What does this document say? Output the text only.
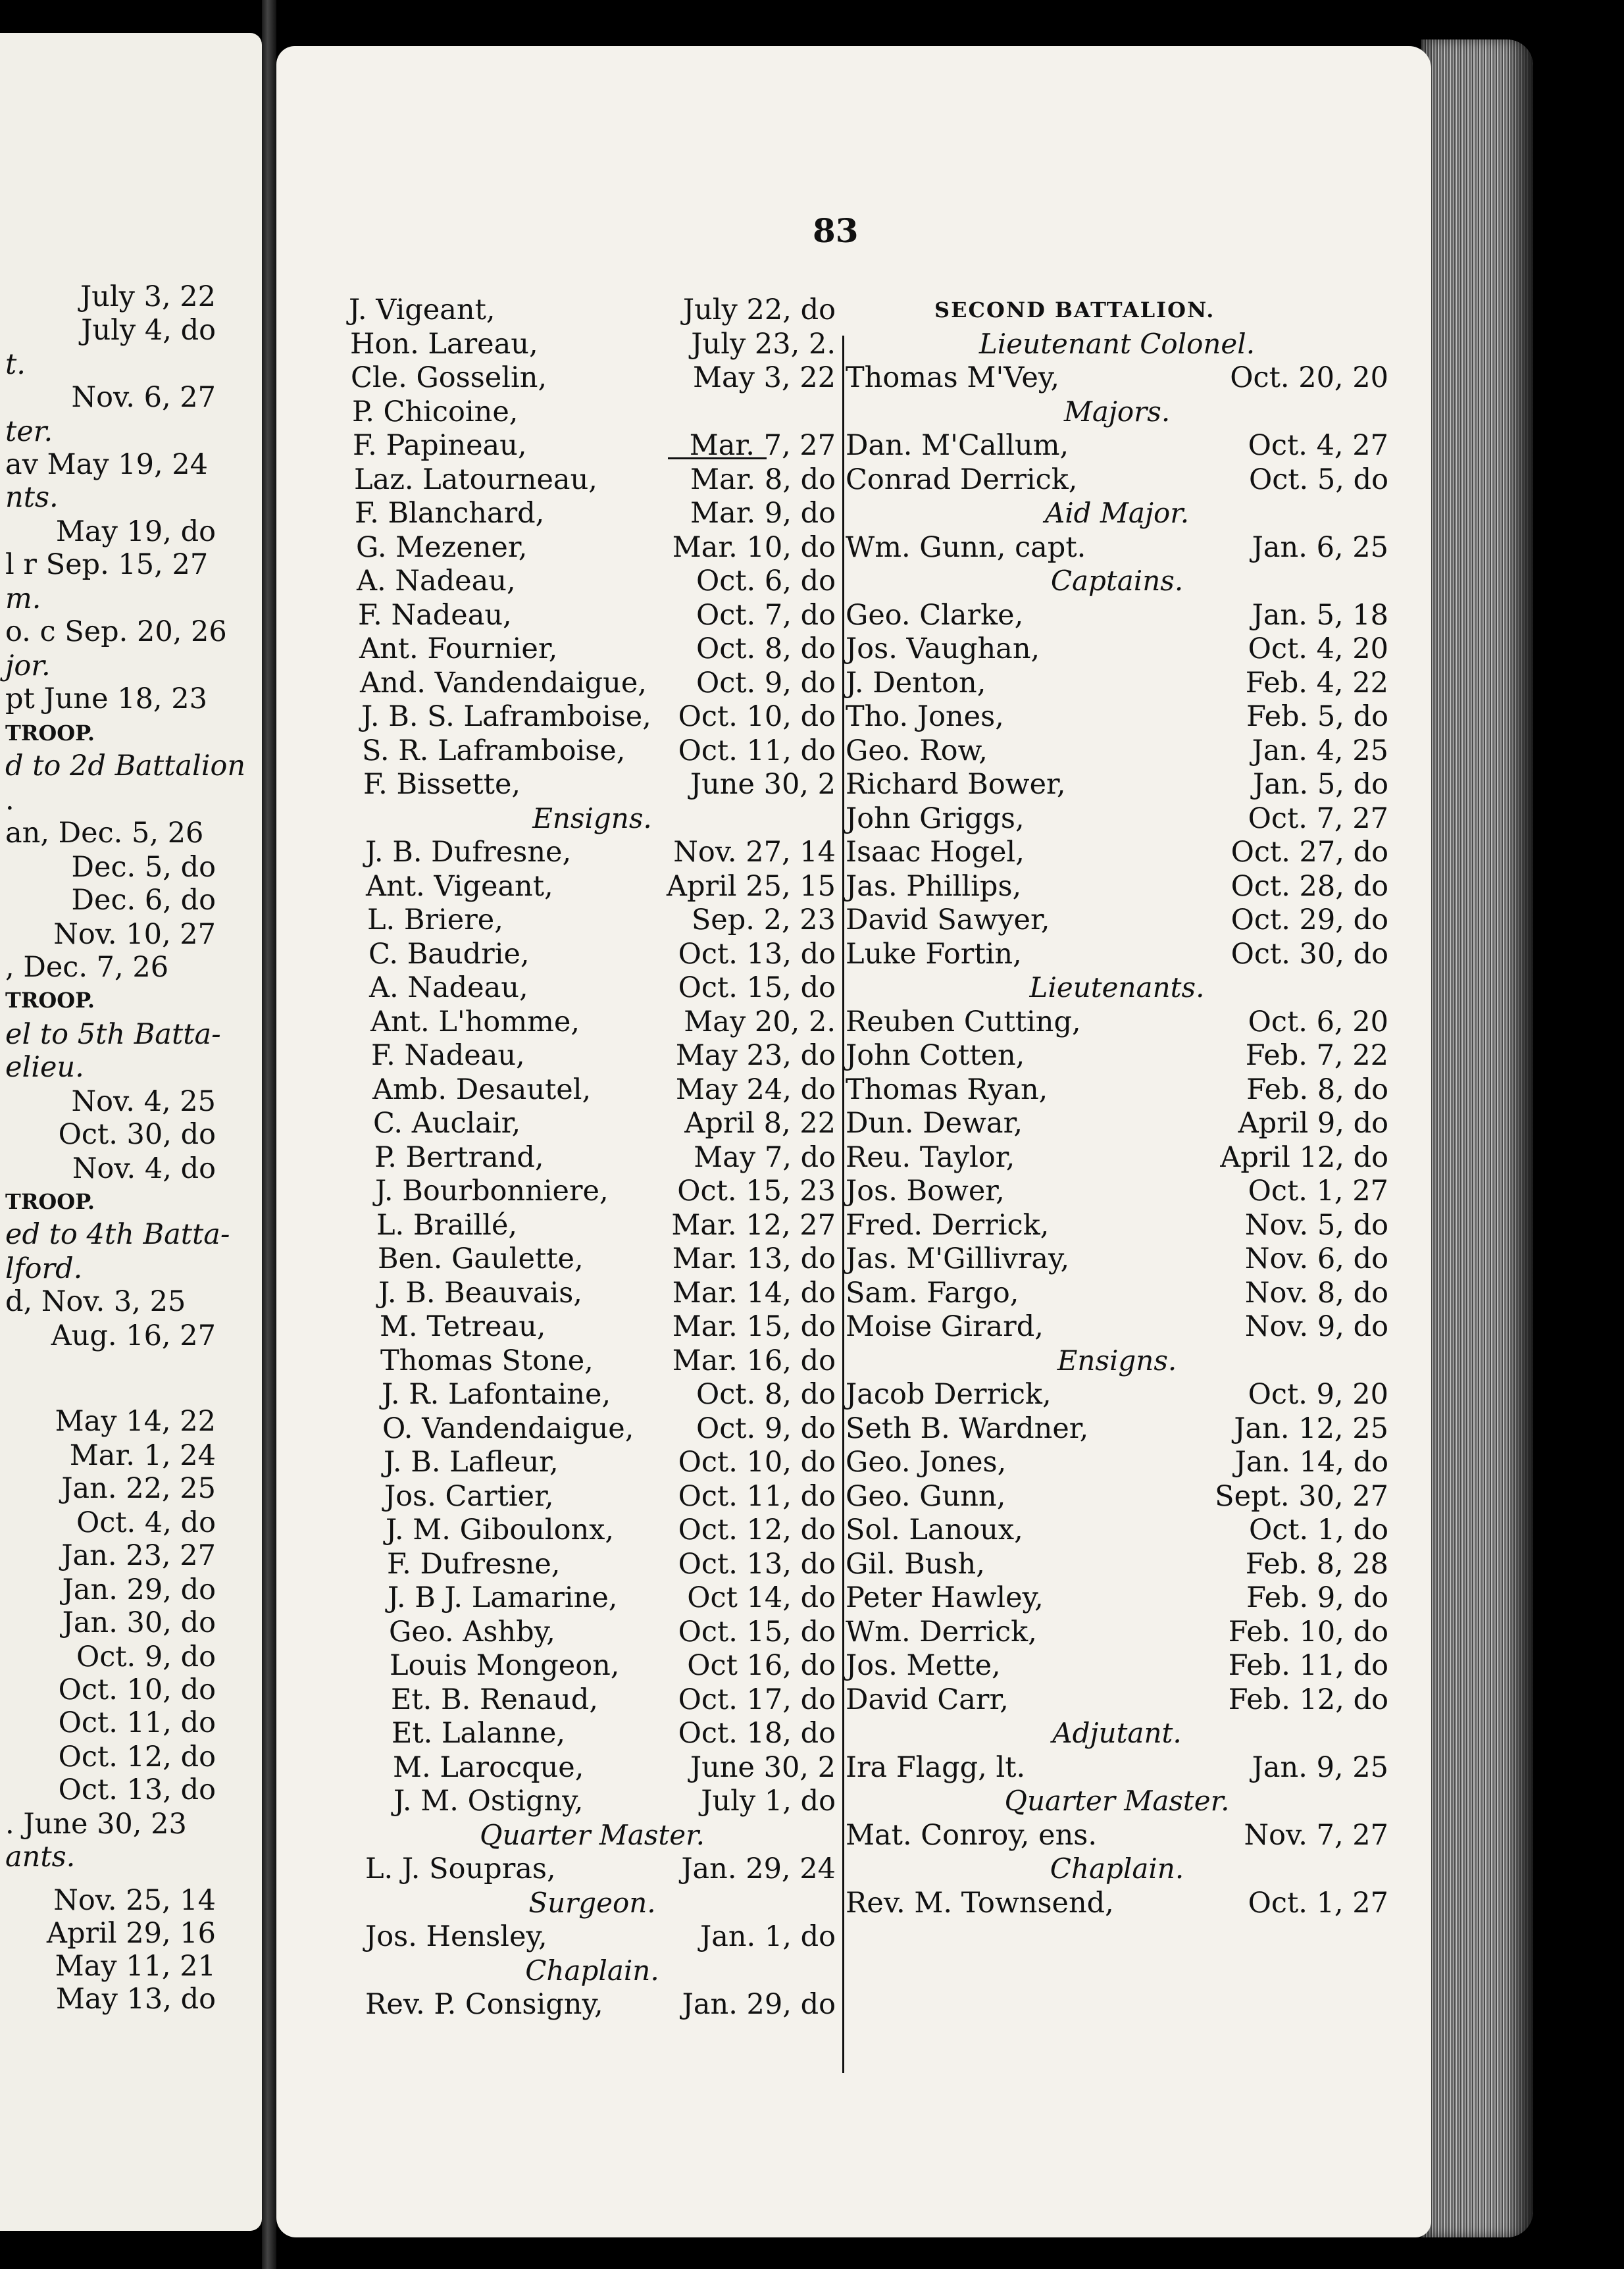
July 3, 22
July 4, do
t.
Nov. 6, 27
ter.
av May 19, 24
nts.
May 19, do
l r Sep. 15, 27
m.
o. c Sep. 20, 26
jor.
pt June 18, 23
TROOP.
d to 2d Battalion
.
an, Dec. 5, 26
Dec. 5, do
Dec. 6, do
Nov. 10, 27
, Dec. 7, 26
TROOP.
el to 5th Batta-
elieu.
Nov. 4, 25
Oct. 30, do
Nov. 4, do
TROOP.
ed to 4th Batta-
lford.
d, Nov. 3, 25
Aug. 16, 27
May 14, 22
Mar. 1, 24
Jan. 22, 25
Oct. 4, do
Jan. 23, 27
Jan. 29, do
Jan. 30, do
Oct. 9, do
Oct. 10, do
Oct. 11, do
Oct. 12, do
Oct. 13, do
. June 30, 23
ants.
Nov. 25, 14
April 29, 16
May 11, 21
May 13, do
83
J. Vigeant,	July 22, do
Hon. Lareau,	July 23, 2.
Cle. Gosselin,	May 3, 22
P. Chicoine,
F. Papineau,	Mar. 7, 27
Laz. Latourneau,	Mar. 8, do
F. Blanchard,	Mar. 9, do
G. Mezener,	Mar. 10, do
A. Nadeau,	Oct. 6, do
F. Nadeau,	Oct. 7, do
Ant. Fournier,	Oct. 8, do
And. Vandendaigue, Oct. 9, do
J. B. S. Laframboise, Oct. 10, do
S. R. Laframboise, Oct. 11, do
F. Bissette,	June 30, 2
Ensigns.
J. B. Dufresne,	Nov. 27, 14
Ant. Vigeant,	April 25, 15
L. Briere,	Sep. 2, 23
C. Baudrie,	Oct. 13, do
A. Nadeau,	Oct. 15, do
Ant. L'homme,	May 20, 2.
F. Nadeau,	May 23, do
Amb. Desautel,	May 24, do
C. Auclair,	April 8, 22
P. Bertrand,	May 7, do
J. Bourbonniere, Oct. 15, 23
L. Braillé,	Mar. 12, 27
Ben. Gaulette,	Mar. 13, do
J. B. Beauvais,	Mar. 14, do
M. Tetreau,	Mar. 15, do
Thomas Stone,	Mar. 16, do
J. R. Lafontaine,	Oct. 8, do
O. Vandendaigue, Oct. 9, do
J. B. Lafleur,	Oct. 10, do
Jos. Cartier,	Oct. 11, do
J. M. Giboulonx, Oct. 12, do
F. Dufresne,	Oct. 13, do
J. B J. Lamarine, Oct 14, do
Geo. Ashby,	Oct. 15, do
Louis Mongeon, Oct 16, do
Et. B. Renaud,	Oct. 17, do
Et. Lalanne,	Oct. 18, do
M. Larocque,	June 30, 2
J. M. Ostigny,	July 1, do
Quarter Master.
L. J. Soupras,	Jan. 29, 24
Surgeon.
Jos. Hensley,	Jan. 1, do
Chaplain.
Rev. P. Consigny,	Jan. 29, do
SECOND BATTALION.
Lieutenant Colonel.
Thomas M'Vey,	Oct. 20, 20
Majors.
Dan. M'Callum,	Oct. 4, 27
Conrad Derrick,	Oct. 5, do
Aid Major.
Wm. Gunn, capt.	Jan. 6, 25
Captains.
Geo. Clarke,	Jan. 5, 18
Jos. Vaughan,	Oct. 4, 20
J. Denton,	Feb. 4, 22
Tho. Jones,	Feb. 5, do
Geo. Row,	Jan. 4, 25
Richard Bower,	Jan. 5, do
John Griggs,	Oct. 7, 27
Isaac Hogel,	Oct. 27, do
Jas. Phillips,	Oct. 28, do
David Sawyer,	Oct. 29, do
Luke Fortin,	Oct. 30, do
Lieutenants.
Reuben Cutting,	Oct. 6, 20
John Cotten,	Feb. 7, 22
Thomas Ryan,	Feb. 8, do
Dun. Dewar,	April 9, do
Reu. Taylor,	April 12, do
Jos. Bower,	Oct. 1, 27
Fred. Derrick,	Nov. 5, do
Jas. M'Gillivray,	Nov. 6, do
Sam. Fargo,	Nov. 8, do
Moise Girard,	Nov. 9, do
Ensigns.
Jacob Derrick,	Oct. 9, 20
Seth B. Wardner,	Jan. 12, 25
Geo. Jones,	Jan. 14, do
Geo. Gunn,	Sept. 30, 27
Sol. Lanoux,	Oct. 1, do
Gil. Bush,	Feb. 8, 28
Peter Hawley,	Feb. 9, do
Wm. Derrick,	Feb. 10, do
Jos. Mette,	Feb. 11, do
David Carr,	Feb. 12, do
Adjutant.
Ira Flagg, lt.	Jan. 9, 25
Quarter Master.
Mat. Conroy, ens.	Nov. 7, 27
Chaplain.
Rev. M. Townsend,	Oct. 1, 27
